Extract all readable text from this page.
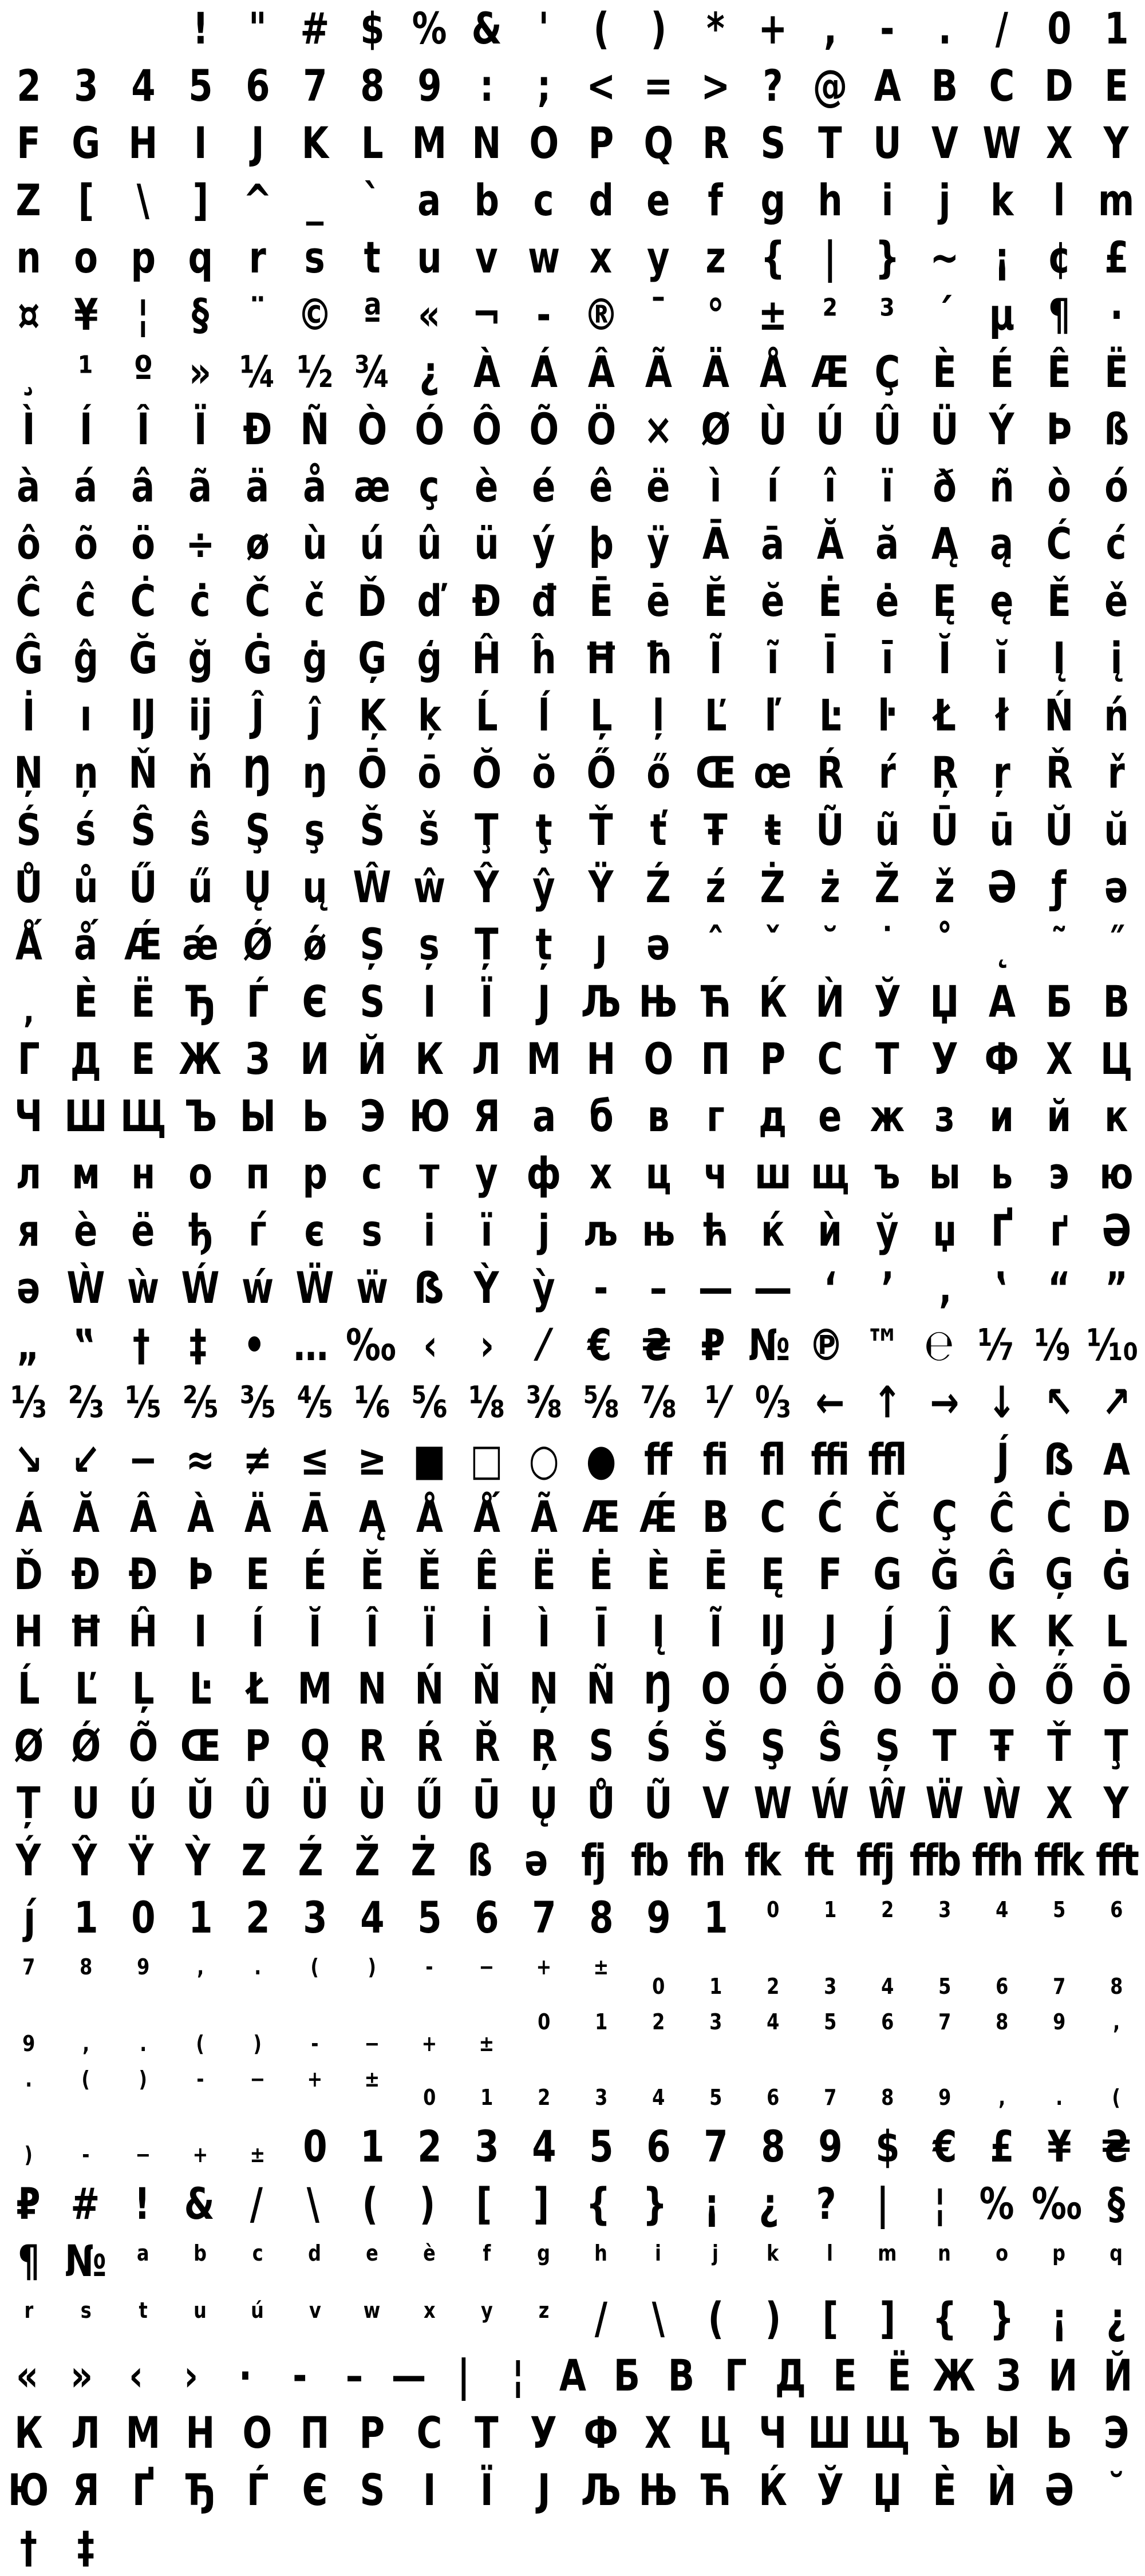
! " # $ % & '	( ) * + , - .	/ 0 1
2 3 4 5 6 7 8 9 : ; < = > ? @ A B C D E
F G H I	J K L M N O P Q R S T U V W X Y
Z [ \ ] ^ _ ` a b c d e f g h i	j k l m
n o p q r s t u v w x y z { | } ~ ¡ ¢ £
¤ ¥ ¦ § ¨ © ª « ¬ - ® ¯ ° ± ² ³ ´ µ ¶ ·
¸ ¹ º » ¼ ½ ¾ ¿ À Á Â Ã Ä Å Æ Ç È É Ê Ë
Ì	Í	Î	Ï Ð Ñ Ò Ó Ô Õ Ö × Ø Ù Ú Û Ü Ý Þ ß
à á â ã ä å æ ç è é ê ë ì	í	î	ï ð ñ ò ó
ô õ ö ÷ ø ù ú û ü ý þ ÿ Ā ā Ă ă Ą ą Ć ć
Ĉ ĉ Ċ ċ Č č Ď ď Đ đ Ē ē Ĕ ĕ Ė ė Ę ę Ě ě
Ĝ ĝ Ğ ğ Ġ ġ Ģ ģ Ĥ ĥ Ħ ħ Ĩ	ĩ	Ī	ī	Ĭ	ĭ	Į	į
İ	ı Ĳ ĳ Ĵ	ĵ Ķ ķ Ĺ ĺ Ļ ļ Ľ ľ Ŀ ŀ Ł ł Ń ń
Ņ ņ Ň ň Ŋ ŋ Ō ō Ŏ ŏ Ő ő Œ œ Ŕ ŕ Ŗ ŗ Ř ř
Ś ś Ŝ ŝ Ş ş Š š Ţ ţ Ť ť Ŧ ŧ Ũ ũ Ū ū Ŭ ŭ
Ů ů Ű ű Ų ų Ŵ ŵ Ŷ ŷ Ÿ Ź ź Ż ż Ž ž Ə ƒ ə
Ǻ ǻ Ǽ ǽ Ǿ ǿ Ș ș Ț ț ȷ ə ˆ ˇ ˘ ˙ ˚ ˛ ˜ ˝
, Ѐ Ё Ђ Ѓ Є Ѕ І	Ї	Ј Љ Њ Ћ Ќ Ѝ Ў Џ А Б В
Г Д Е Ж З И Й К Л М Н О П Р С Т У Ф Х Ц
Ч Ш Щ Ъ Ы Ь Э Ю Я а б в г д е ж з и й к
л м н о п р с т у ф х ц ч ш щ ъ ы ь э ю
я ѐ ё ђ ѓ є ѕ і	ї	ј љ њ ћ ќ ѝ ў џ Ґ ґ Ә
ә Ẁ ẁ Ẃ ẃ Ẅ ẅ ẞ Ỳ ỳ ‐ – — ― ‘	’	‚	‛ “ ”
„ ‟ † ‡ • … ‰ ‹ ›	⁄ € ₴ ₽ № ℗ ™ ℮ ⅐ ⅑ ⅒
⅓ ⅔ ⅕ ⅖ ⅗ ⅘ ⅙ ⅚ ⅛ ⅜ ⅝ ⅞ ⅟ ↉ ← ↑ → ↓ ↖ ↗
↘ ↙ − ≈ ≠ ≤ ≥ ■ □ ○ ● ﬀ ﬁ ﬂ ﬃ ﬄ	J́ ẞ A
Á Ă Â À Ä Ā Ą Å Ǻ Ã Æ Ǽ B C Ć Č Ç Ĉ Ċ D
Ď Đ Ð Þ E É Ĕ Ě Ê Ë Ė È Ē Ę F G Ğ Ĝ Ģ Ġ
H Ħ Ĥ I	Í	Ĭ	Î	Ï	İ	Ì	Ī	Į	Ĩ Ĳ J	J́	Ĵ K Ķ L
Ĺ Ľ Ļ Ŀ Ł M N Ń Ň Ņ Ñ Ŋ O Ó Ŏ Ô Ö Ò Ő Ō
Ø Ǿ Õ Œ P Q R Ŕ Ř Ŗ S Ś Š Ş Ŝ Ș T Ŧ Ť Ţ
Ț U Ú Ŭ Û Ü Ù Ű Ū Ų Ů Ũ V W Ẃ Ŵ Ẅ Ẁ X Y
Ý Ŷ Ÿ Ỳ Z Ź Ž Ż ß ə fj fb fh fk ft ffj ffb ffh ffk fft
j́ 1 0 1 2 3 4 5 6 7 8 9 1	0	1	2	3	4	5	6
7	8	9	,	.	(	)	-	−	+	±
0	1	2	3	4	5	6	7	8
9	,	.	(	)	-	−	+	±
0	1	2	3	4	5	6	7	8	9	,
.	(	)	-	−	+	±
0	1	2	3	4	5	6	7	8	9	,	.	(
)	-	−	+	± 0 1 2 3 4 5 6 7 8 9 $ € £ ¥ ₴
₽ # ! & /	\ ( ) [ ] { } ¡ ¿ ? |	¦ % ‰ §
¶ №	a	b	c	d	e	è	f	g	h	i	j	k	l	m	n	o	p	q
r	s	t	u	ú	v	w	x	y	z	/	\ ( ) [ ] { } ¡ ¿
« » ‹ › · - – — | ¦ А Б В Г Д Е Ё Ж З И Й
К Л М Н О П Р С Т У Ф Х Ц Ч Ш Щ Ъ Ы Ь Э
Ю Я Ґ Ђ Ѓ Є Ѕ І	Ї	Ј Љ Њ Ћ Ќ Ў Џ Ѐ Ѝ Ә ˘
† ‡
